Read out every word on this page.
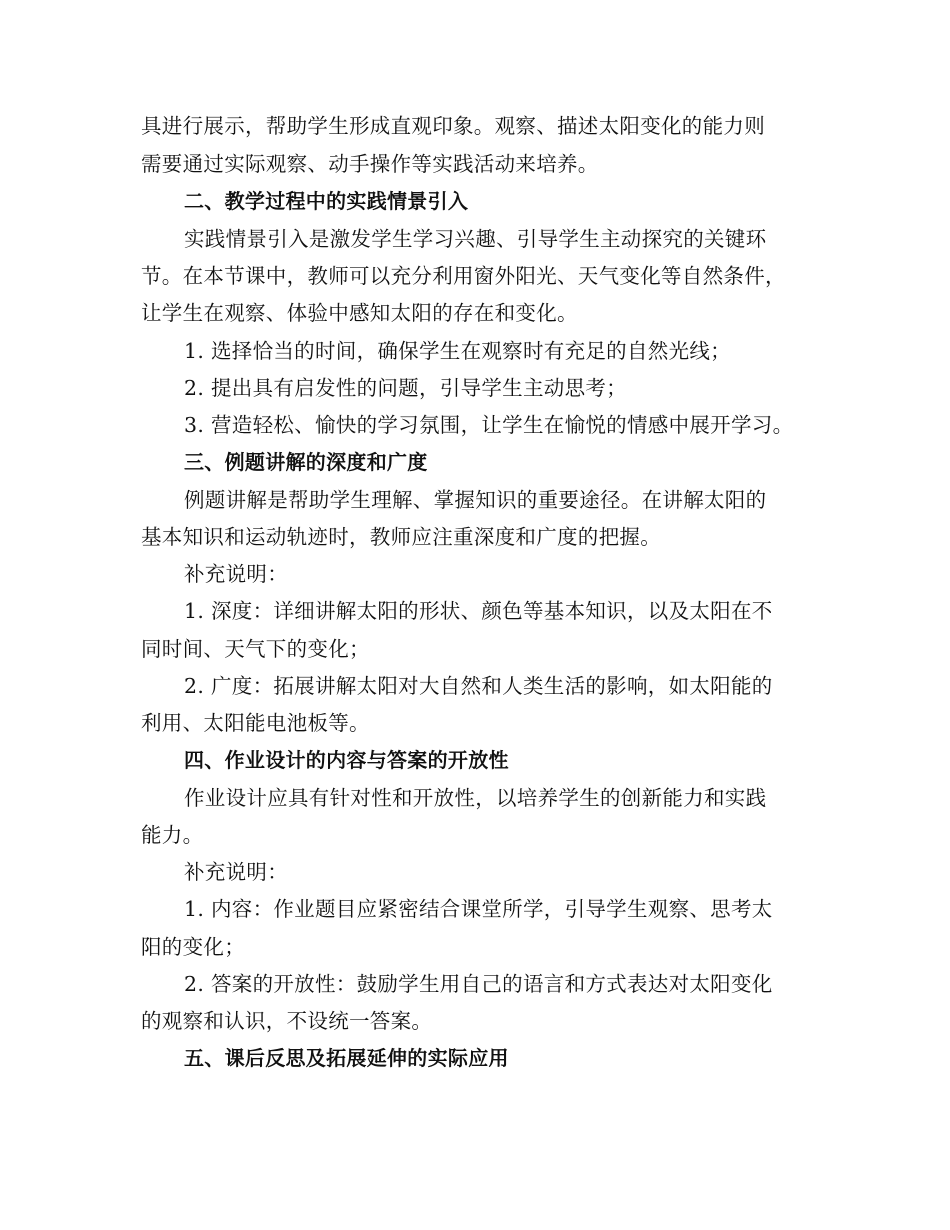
具进行展示，帮助学生形成直观印象。观察、描述太阳变化的能力则
需要通过实际观察、动手操作等实践活动来培养。
二、教学过程中的实践情景引入
实践情景引入是激发学生学习兴趣、引导学生主动探究的关键环
节。在本节课中，教师可以充分利用窗外阳光、天气变化等自然条件，
让学生在观察、体验中感知太阳的存在和变化。
1. 选择恰当的时间，确保学生在观察时有充足的自然光线；
2. 提出具有启发性的问题，引导学生主动思考；
3. 营造轻松、愉快的学习氛围，让学生在愉悦的情感中展开学习。
三、例题讲解的深度和广度
例题讲解是帮助学生理解、掌握知识的重要途径。在讲解太阳的
基本知识和运动轨迹时，教师应注重深度和广度的把握。
补充说明：
1. 深度：详细讲解太阳的形状、颜色等基本知识，以及太阳在不
同时间、天气下的变化；
2. 广度：拓展讲解太阳对大自然和人类生活的影响，如太阳能的
利用、太阳能电池板等。
四、作业设计的内容与答案的开放性
作业设计应具有针对性和开放性，以培养学生的创新能力和实践
能力。
补充说明：
1. 内容：作业题目应紧密结合课堂所学，引导学生观察、思考太
阳的变化；
2. 答案的开放性：鼓励学生用自己的语言和方式表达对太阳变化
的观察和认识，不设统一答案。
五、课后反思及拓展延伸的实际应用
